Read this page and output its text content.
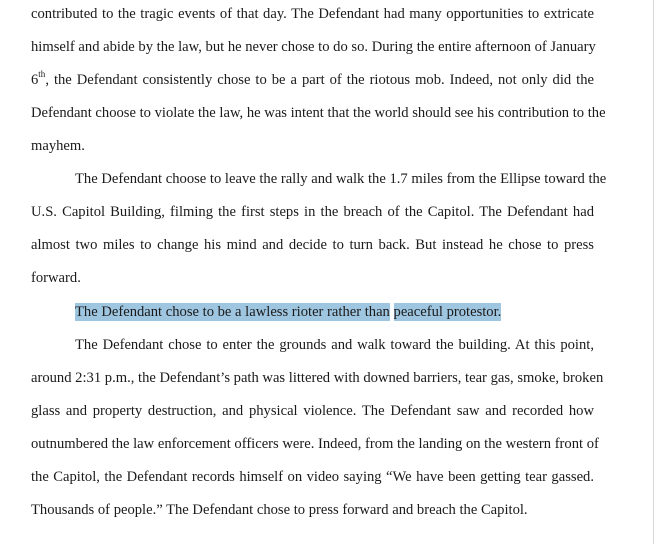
contributed to the tragic events of that day. The Defendant had many opportunities to extricate
himself and abide by the law, but he never chose to do so. During the entire afternoon of January
6th, the Defendant consistently chose to be a part of the riotous mob. Indeed, not only did the
Defendant choose to violate the law, he was intent that the world should see his contribution to the
mayhem.
The Defendant choose to leave the rally and walk the 1.7 miles from the Ellipse toward the
U.S. Capitol Building, filming the first steps in the breach of the Capitol. The Defendant had
almost two miles to change his mind and decide to turn back. But instead he chose to press
forward.
The Defendant chose to be a lawless rioter rather than peaceful protestor.
The Defendant chose to enter the grounds and walk toward the building. At this point,
around 2:31 p.m., the Defendant’s path was littered with downed barriers, tear gas, smoke, broken
glass and property destruction, and physical violence. The Defendant saw and recorded how
outnumbered the law enforcement officers were. Indeed, from the landing on the western front of
the Capitol, the Defendant records himself on video saying “We have been getting tear gassed.
Thousands of people.” The Defendant chose to press forward and breach the Capitol.
